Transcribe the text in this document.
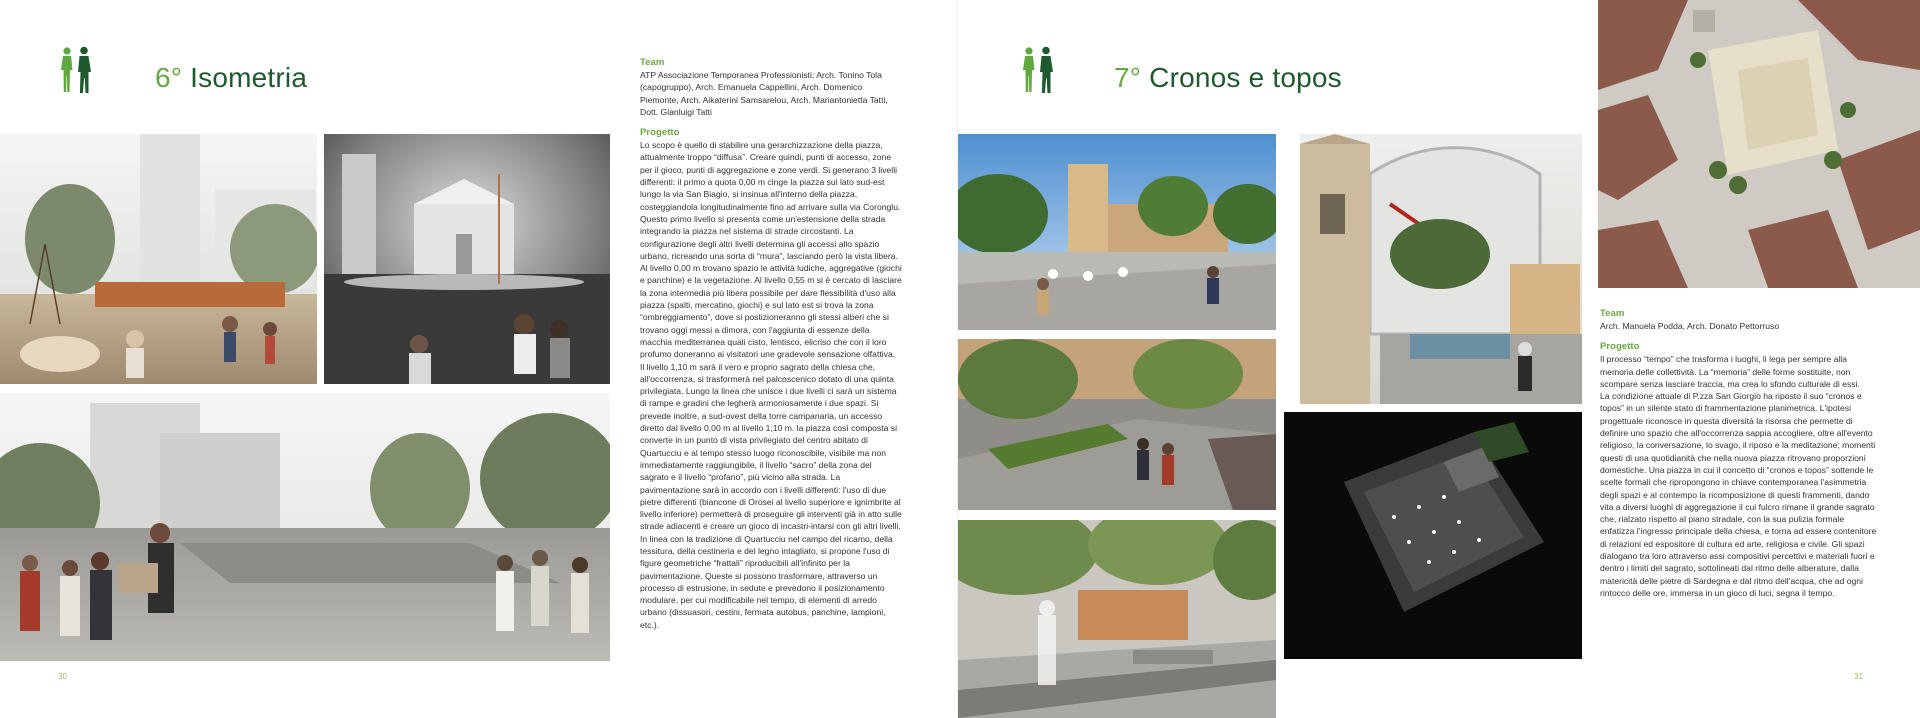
6° Isometria	Team

ATP Associazione Temporanea Professionisti: Arch. Tonino Tola (capogruppo), Arch. Emanuela Cappellini, Arch. Domenico Piemonte, Arch. Aikaterini Samsarelou, Arch. Mariantonietta Tatti, Dott. Gianluigi Tatti

Progetto

Lo scopo è quello di stabilire una gerarchizzazione della piazza, attualmente troppo “diffusa”. Creare quindi, punti di accesso, zone per il gioco, punti di aggregazione e zone verdi. Si generano 3 livelli differenti: il primo a quota 0,00 m cinge la piazza sul lato sud-est lungo la via San Biagio, si insinua all'interno della piazza, costeggiandola longitudinalmente fino ad arrivare sulla via Coronglu. Questo primo livello si presenta come un'estensione della strada integrando la piazza nel sistema di strade circostanti. La configurazione degli altri livelli determina gli accessi allo spazio urbano, ricreando una sorta di “mura”, lasciando però la vista libera. Al livello 0,00 m trovano spazio le attività ludiche, aggregative (giochi e panchine) e la vegetazione. Al livello 0,55 m si è cercato di lasciare la zona intermedia più libera possibile per dare flessibilità d'uso alla piazza (spalti, mercatino, giochi) e sul lato est si trova la zona “ombreggiamento”, dove si postizioneranno gli stessi alberi che si trovano oggi messi a dimora, con l'aggiunta di essenze della macchia mediterranea quali cisto, lentisco, elicriso che con il loro profumo doneranno ai visitatori une gradevole sensazione olfattiva.
Il livello 1,10 m sarà il vero e proprio sagrato della chiesa che, all'occorrenza, si trasformerà nel palcoscenico dotato di una quinta privilegiata. Lungo la linea che unisce i due livelli ci sarà un sistema di rampe e gradini che legherà armoniosamente i due spazi. Si prevede inoltre, a sud-ovest della torre campanaria, un accesso diretto dal livello 0,00 m al livello 1,10 m. la piazza così composta si converte in un punto di vista privilegiato del centro abitato di Quartucciu e al tempo stesso luogo riconoscibile, visibile ma non immediatamente raggiungibile, il livello “sacro” della zona del sagrato e il livello “profano”, più vicino alla strada. La pavimentazione sarà in accordo con i livelli differenti: l'uso di due pietre differenti (biancone di Orosei al livello superiore e ignimbrite al livello inferiore) permetterà di proseguire gli interventi già in atto sulle strade adiacenti e creare un gioco di incastri-intarsi con gli altri livelli. In linea con la tradizione di Quartucciu nel campo del ricamo, della tessitura, della cestineria e del legno intagliato, si propone l'uso di figure geometriche “frattali” riproducibili all'infinito per la pavimentazione. Queste si possono trasformare, attraverso un processo di estrusione, in sedute e prevedono il posizionamento modulare, per cui modificabile nel tempo, di elementi di arredo urbano (dissuasori, cestini, fermata autobus, panchine, lampioni, etc.).

30
7° Cronos e topos

Team

Arch. Manuela Podda, Arch. Donato Pettorruso

Progetto

Il processo “tempo” che trasforma i luoghi, li lega per sempre alla memoria delle collettività. La “memoria” delle forme sostituite, non scompare senza lasciare traccia, ma crea lo sfondo culturale di essi.
La condizione attuale di P.zza San Giorgio ha riposto il suo “cronos e topos” in un silente stato di frammentazione planimetrica. L'ipotesi progettuale riconosce in questa diversità la risorsa che permette di definire uno spazio che all'occorrenza sappia accogliere, oltre all'evento religioso, la conversazione, lo svago, il riposo e la meditazione; momenti questi di una quotidianità che nella nuova piazza ritrovano proporzioni domestiche. Una piazza in cui il concetto di “cronos e topos” sottende le scelte formali che ripropongono in chiave contemporanea l'asimmetria degli spazi e al contempo la ricomposizione di questi frammenti, dando vita a diversi luoghi di aggregazione il cui fulcro rimane il grande sagrato che, rialzato rispetto al piano stradale, con la sua pulizia formale enfatizza l'ingresso principale della chiesa, e torna ad essere contenitore di relazioni ed espositore di cultura ed arte, religiosa e civile. Gli spazi dialogano tra loro attraverso assi compositivi percettivi e materiali fuori e dentro i limiti del sagrato, sottolineati dal ritmo delle alberature, dalla matericità delle pietre di Sardegna e dal ritmo dell'acqua, che ad ogni rintocco delle ore, immersa in un gioco di luci, segna il tempo.

31
